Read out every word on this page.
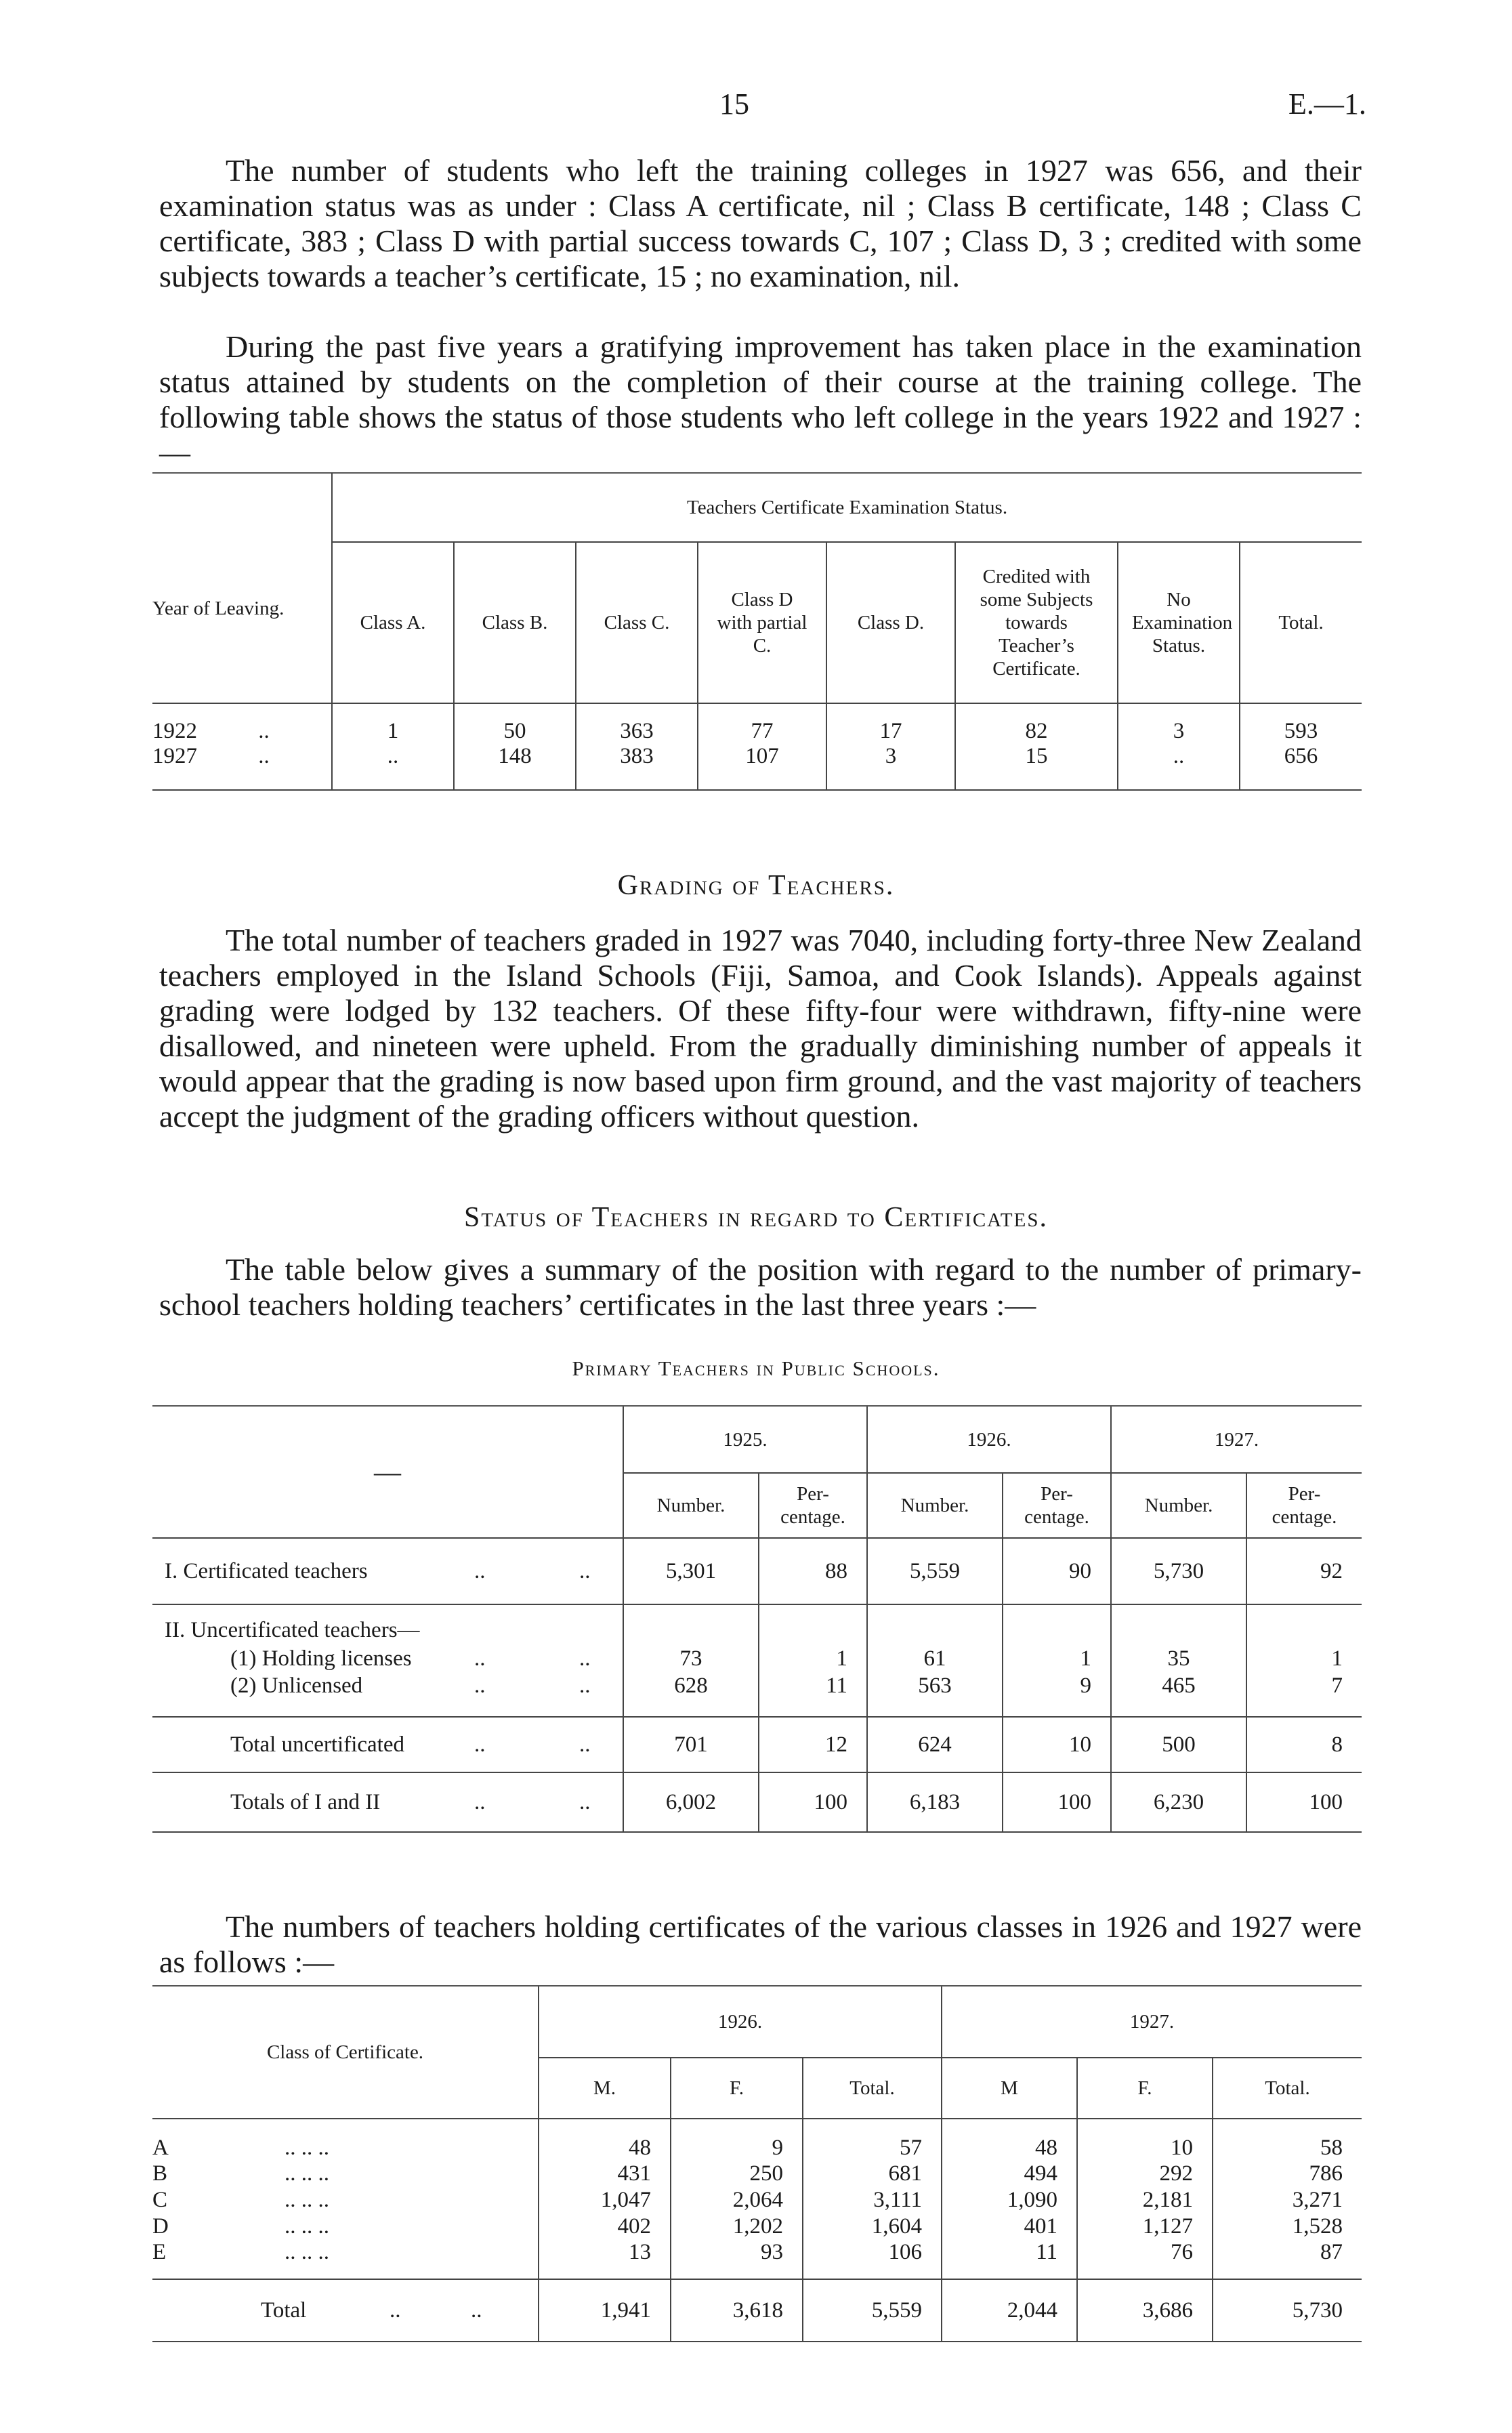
15	E.—1.

The number of students who left the training colleges in 1927 was 656, and their examination status was as under : Class A certificate, nil ; Class B certificate, 148 ; Class C certificate, 383 ; Class D with partial success towards C, 107 ; Class D, 3 ; credited with some subjects towards a teacher’s certificate, 15 ; no examination, nil.

During the past five years a gratifying improvement has taken place in the examination status attained by students on the completion of their course at the training college. The following table shows the status of those students who left college in the years 1922 and 1927 :—

Year of Leaving.	Teachers Certificate Examination Status.							
	Class A.	Class B.	Class C.	Class D with partial C.	Class D.	Credited with some Subjects towards Teacher’s Certificate.	No Examination Status.	Total.
1922 ..	1	50	363	77	17	82	3	593
1927 ..	..	148	383	107	3	15	..	656
Grading of Teachers.

The total number of teachers graded in 1927 was 7040, including forty-three New Zealand teachers employed in the Island Schools (Fiji, Samoa, and Cook Islands). Appeals against grading were lodged by 132 teachers. Of these fifty-four were withdrawn, fifty-nine were disallowed, and nineteen were upheld. From the gradually diminishing number of appeals it would appear that the grading is now based upon firm ground, and the vast majority of teachers accept the judgment of the grading officers without question.

Status of Teachers in regard to Certificates.

The table below gives a summary of the position with regard to the number of primary-school teachers holding teachers’ certificates in the last three years :—

Primary Teachers in Public Schools.
—	1925.		1926.		1927.	
	Number.	Per-centage.	Number.	Per-centage.	Number.	Per-centage.
I. Certificated teachers .. ..	5,301	88	5,559	90	5,730	92
II. Uncertificated teachers—						
(1) Holding licenses .. ..	73	1	61	1	35	1
(2) Unlicensed .. ..	628	11	563	9	465	7
Total uncertificated .. ..	701	12	624	10	500	8
Totals of I and II .. ..	6,002	100	6,183	100	6,230	100

The numbers of teachers holding certificates of the various classes in 1926 and 1927 were as follows :—

Class of Certificate.	1926.			1927.		
	M.	F.	Total.	M	F.	Total.
A .. .. ..	48	9	57	48	10	58
B .. .. ..	431	250	681	494	292	786
C .. .. ..	1,047	2,064	3,111	1,090	2,181	3,271
D .. .. ..	402	1,202	1,604	401	1,127	1,528
E .. .. ..	13	93	106	11	76	87
Total .. ..	1,941	3,618	5,559	2,044	3,686	5,730
